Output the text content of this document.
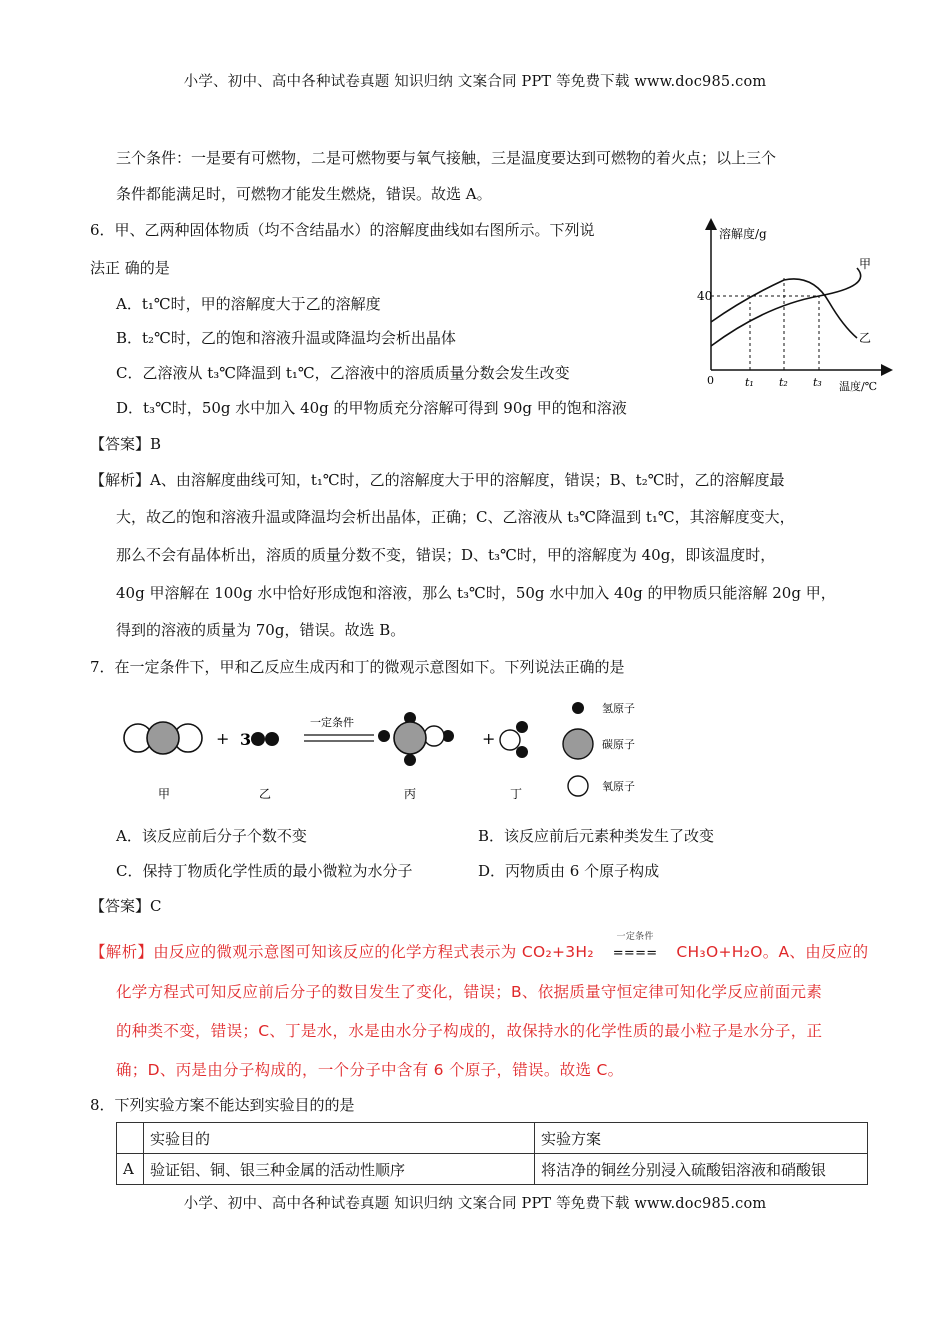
小学、初中、高中各种试卷真题 知识归纳 文案合同 PPT 等免费下载 www.doc985.com
三个条件：一是要有可燃物，二是可燃物要与氧气接触，三是温度要达到可燃物的着火点；以上三个
条件都能满足时，可燃物才能发生燃烧，错误。故选 A。
6．甲、乙两种固体物质（均不含结晶水）的溶解度曲线如右图所示。下列说
法正 确的是
A．t₁℃时，甲的溶解度大于乙的溶解度
B．t₂℃时，乙的饱和溶液升温或降温均会析出晶体
C．乙溶液从 t₃℃降温到 t₁℃，乙溶液中的溶质质量分数会发生改变
D．t₃℃时，50g 水中加入 40g 的甲物质充分溶解可得到 90g 甲的饱和溶液
溶解度/g
温度/℃
40
0	t₁ t₂ t₃
甲
乙
【答案】B
【解析】A、由溶解度曲线可知，t₁℃时，乙的溶解度大于甲的溶解度，错误；B、t₂℃时，乙的溶解度最
大，故乙的饱和溶液升温或降温均会析出晶体，正确；C、乙溶液从 t₃℃降温到 t₁℃，其溶解度变大，
那么不会有晶体析出，溶质的质量分数不变，错误；D、t₃℃时，甲的溶解度为 40g，即该温度时，
40g 甲溶解在 100g 水中恰好形成饱和溶液，那么 t₃℃时，50g 水中加入 40g 的甲物质只能溶解 20g 甲，
得到的溶液的质量为 70g，错误。故选 B。
7．在一定条件下，甲和乙反应生成丙和丁的微观示意图如下。下列说法正确的是
甲
+ 3
乙
一定条件
丙
+
丁
氢原子
碳原子
氧原子
A．该反应前后分子个数不变	B．该反应前后元素种类发生了改变
C．保持丁物质化学性质的最小微粒为水分子	D．丙物质由 6 个原子构成
【答案】C
【解析】由反应的微观示意图可知该反应的化学方程式表示为 CO₂+3H₂
一定条件
==== CH₃O+H₂O。A、由反应的
化学方程式可知反应前后分子的数目发生了变化，错误；B、依据质量守恒定律可知化学反应前面元素
的种类不变，错误；C、丁是水，水是由水分子构成的，故保持水的化学性质的最小粒子是水分子，正
确；D、丙是由分子构成的，一个分子中含有 6 个原子，错误。故选 C。
8．下列实验方案不能达到实验目的的是
	实验目的	实验方案
A	验证铝、铜、银三种金属的活动性顺序	将洁净的铜丝分别浸入硫酸铝溶液和硝酸银
小学、初中、高中各种试卷真题 知识归纳 文案合同 PPT 等免费下载 www.doc985.com
